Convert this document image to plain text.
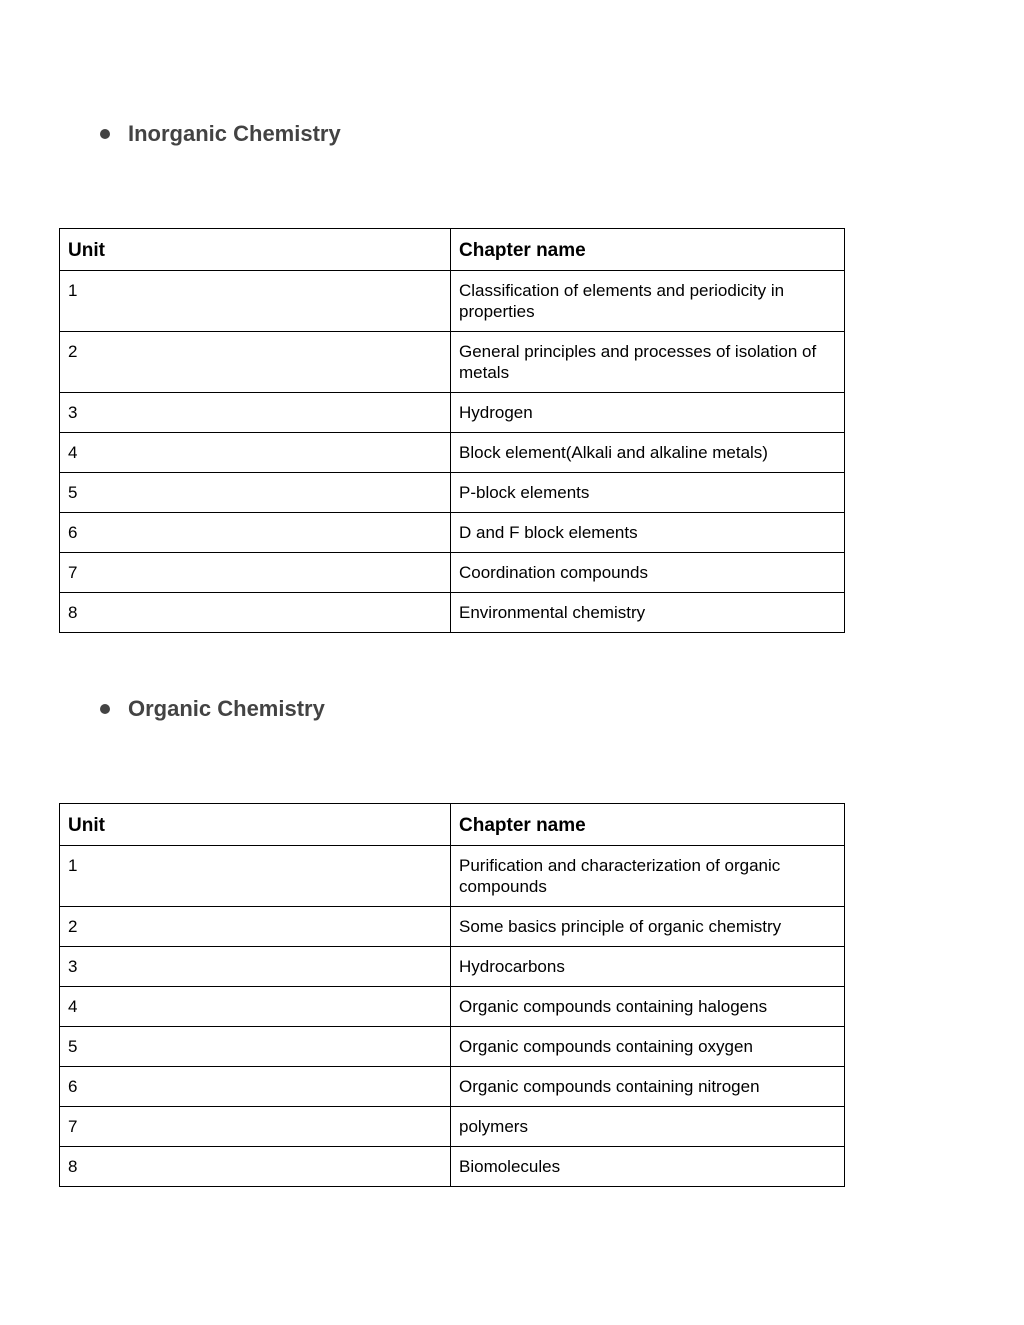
Inorganic Chemistry
Unit	Chapter name
1	Classification of elements and periodicity in properties
2	General principles and processes of isolation of metals
3	Hydrogen
4	Block element(Alkali and alkaline metals)
5	P-block elements
6	D and F block elements
7	Coordination compounds
8	Environmental chemistry
Organic Chemistry
Unit	Chapter name
1	Purification and characterization of organic compounds
2	Some basics principle of organic chemistry
3	Hydrocarbons
4	Organic compounds containing halogens
5	Organic compounds containing oxygen
6	Organic compounds containing nitrogen
7	polymers
8	Biomolecules
